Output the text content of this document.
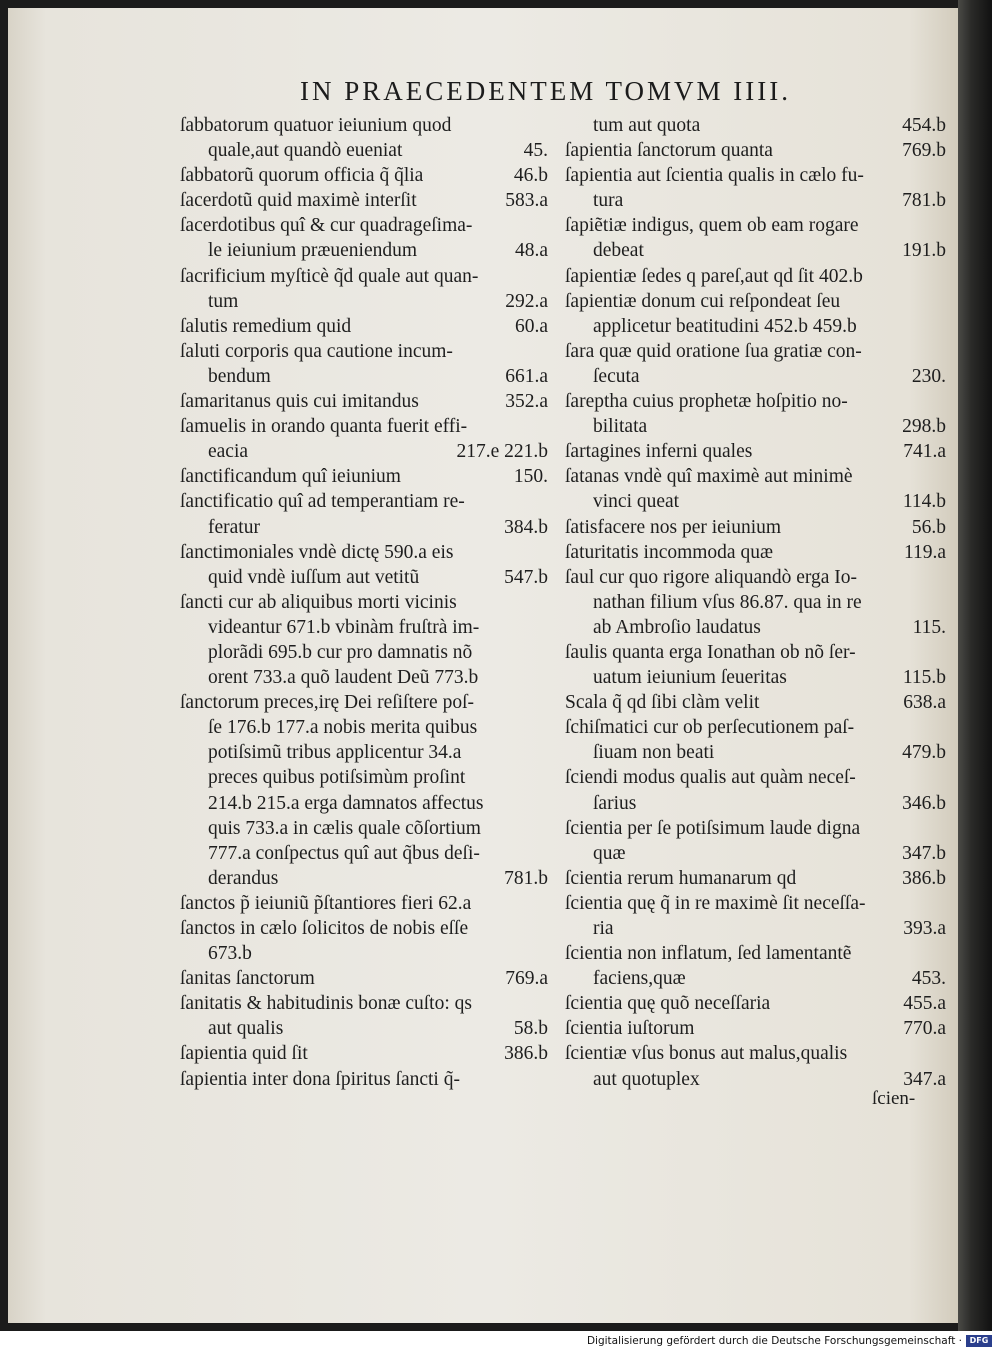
IN PRAECEDENTEM TOMVM IIII.
ſabbatorum quatuor ieiunium quod
quale,aut quandò eueniat	45.
ſabbatorũ quorum officia q̃ q̃lia	46.b
ſacerdotũ quid maximè interſit	583.a
ſacerdotibus quî & cur quadrageſima-
le ieiunium præueniendum	48.a
ſacrificium myſticè q̃d quale aut quan-
tum	292.a
ſalutis remedium quid	60.a
ſaluti corporis qua cautione incum-
bendum	661.a
ſamaritanus quis cui imitandus	352.a
ſamuelis in orando quanta fuerit effi-
eacia	217.e 221.b
ſanctificandum quî ieiunium	150.
ſanctificatio quî ad temperantiam re-
feratur	384.b
ſanctimoniales vndè dictę 590.a eis
quid vndè iuſſum aut vetitũ	547.b
ſancti cur ab aliquibus morti vicinis
videantur 671.b vbinàm fruſtrà im-
plorãdi 695.b cur pro damnatis nõ
orent 733.a quõ laudent Deũ 773.b
ſanctorum preces,irę Dei reſiſtere poſ-
ſe 176.b 177.a nobis merita quibus
potiſsimũ tribus applicentur 34.a
preces quibus potiſsimùm proſint
214.b 215.a erga damnatos affectus
quis 733.a in cælis quale cõſortium
777.a conſpectus quî aut q̃bus deſi-
derandus	781.b
ſanctos p̃ ieiuniũ p̃ſtantiores fieri 62.a
ſanctos in cælo ſolicitos de nobis eſſe
673.b
ſanitas ſanctorum	769.a
ſanitatis & habitudinis bonæ cuſto: qs
aut qualis	58.b
ſapientia quid ſit	386.b
ſapientia inter dona ſpiritus ſancti q̃-
tum aut quota	454.b
ſapientia ſanctorum quanta	769.b
ſapientia aut ſcientia qualis in cælo fu-
tura	781.b
ſapiẽtiæ indigus, quem ob eam rogare
debeat	191.b
ſapientiæ ſedes q pareſ,aut qd ſit 402.b
ſapientiæ donum cui reſpondeat ſeu
applicetur beatitudini 452.b 459.b
ſara quæ quid oratione ſua gratiæ con-
ſecuta	230.
ſareptha cuius prophetæ hoſpitio no-
bilitata	298.b
ſartagines inferni quales	741.a
ſatanas vndè quî maximè aut minimè
vinci queat	114.b
ſatisfacere nos per ieiunium	56.b
ſaturitatis incommoda quæ	119.a
ſaul cur quo rigore aliquandò erga Io-
nathan filium vſus 86.87. qua in re
ab Ambroſio laudatus	115.
ſaulis quanta erga Ionathan ob nõ ſer-
uatum ieiunium ſeueritas	115.b
Scala q̃ qd ſibi clàm velit	638.a
ſchiſmatici cur ob perſecutionem paſ-
ſiuam non beati	479.b
ſciendi modus qualis aut quàm neceſ-
ſarius	346.b
ſcientia per ſe potiſsimum laude digna
quæ	347.b
ſcientia rerum humanarum qd	386.b
ſcientia quę q̃ in re maximè ſit neceſſa-
ria	393.a
ſcientia non inflatum, ſed lamentantẽ
faciens,quæ	453.
ſcientia quę quõ neceſſaria	455.a
ſcientia iuſtorum	770.a
ſcientiæ vſus bonus aut malus,qualis
aut quotuplex	347.a
ſcien-
Digitalisierung gefördert durch die Deutsche Forschungsgemeinschaft · DFG
